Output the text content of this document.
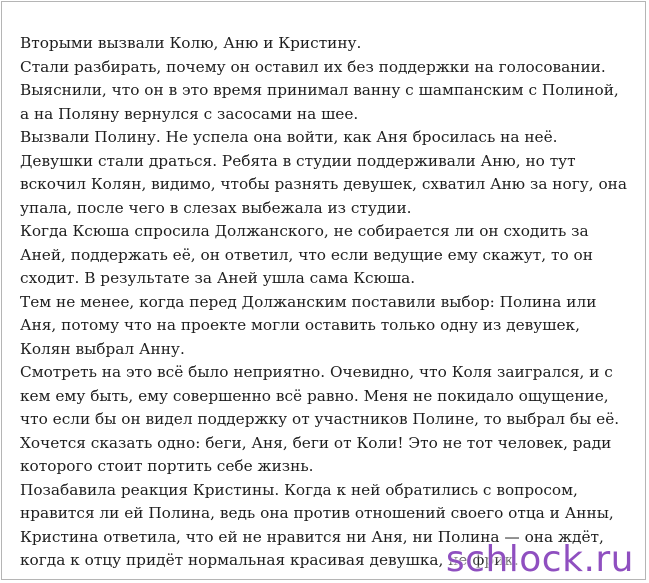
Вторыми вызвали Колю, Аню и Кристину.

Стали разбирать, почему он оставил их без поддержки на голосовании. Выяснили, что он в это время принимал ванну с шампанским с Полиной, а на Поляну вернулся с засосами на шее.

Вызвали Полину. Не успела она войти, как Аня бросилась на неё. Девушки стали драться. Ребята в студии поддерживали Аню, но тут вскочил Колян, видимо, чтобы разнять девушек, схватил Аню за ногу, она упала, после чего в слезах выбежала из студии.

Когда Ксюша спросила Должанского, не собирается ли он сходить за Аней, поддержать её, он ответил, что если ведущие ему скажут, то он сходит. В результате за Аней ушла сама Ксюша.

Тем не менее, когда перед Должанским поставили выбор: Полина или Аня, потому что на проекте могли оставить только одну из девушек, Колян выбрал Анну.

Смотреть на это всё было неприятно. Очевидно, что Коля заигрался, и с кем ему быть, ему совершенно всё равно. Меня не покидало ощущение, что если бы он видел поддержку от участников Полине, то выбрал бы её.

Хочется сказать одно: беги, Аня, беги от Коли! Это не тот человек, ради которого стоит портить себе жизнь.

Позабавила реакция Кристины. Когда к ней обратились с вопросом, нравится ли ей Полина, ведь она против отношений своего отца и Анны, Кристина ответила, что ей не нравится ни Аня, ни Полина — она ждёт, когда к отцу придёт нормальная красивая девушка, не фрик.

schlock.ru
